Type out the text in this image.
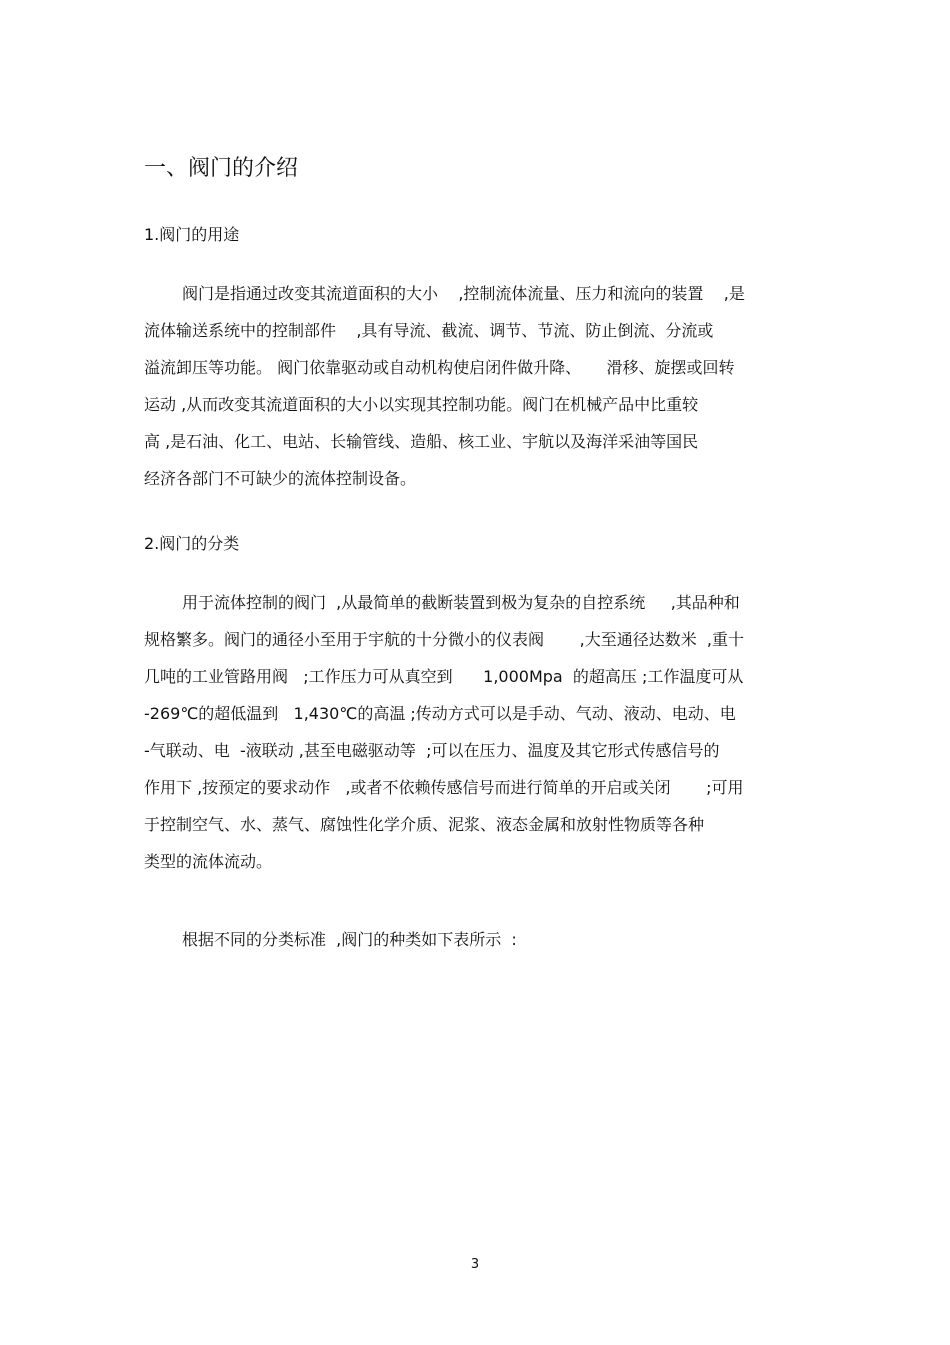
一、阀门的介绍
1.阀门的用途
阀门是指通过改变其流道面积的大小    ,控制流体流量、压力和流向的装置    ,是
流体输送系统中的控制部件    ,具有导流、截流、调节、节流、防止倒流、分流或
溢流卸压等功能。 阀门依靠驱动或自动机构使启闭件做升降、     滑移、旋摆或回转
运动 ,从而改变其流道面积的大小以实现其控制功能。阀门在机械产品中比重较
高 ,是石油、化工、电站、长输管线、造船、核工业、宇航以及海洋采油等国民
经济各部门不可缺少的流体控制设备。
2.阀门的分类
用于流体控制的阀门  ,从最简单的截断装置到极为复杂的自控系统     ,其品种和
规格繁多。阀门的通径小至用于宇航的十分微小的仪表阀       ,大至通径达数米  ,重十
几吨的工业管路用阀   ;工作压力可从真空到      1,000Mpa  的超高压 ;工作温度可从
-269℃的超低温到   1,430℃的高温 ;传动方式可以是手动、气动、液动、电动、电
-气联动、电  -液联动 ,甚至电磁驱动等  ;可以在压力、温度及其它形式传感信号的
作用下 ,按预定的要求动作   ,或者不依赖传感信号而进行简单的开启或关闭       ;可用
于控制空气、水、蒸气、腐蚀性化学介质、泥浆、液态金属和放射性物质等各种
类型的流体流动。
根据不同的分类标准  ,阀门的种类如下表所示  :
3
